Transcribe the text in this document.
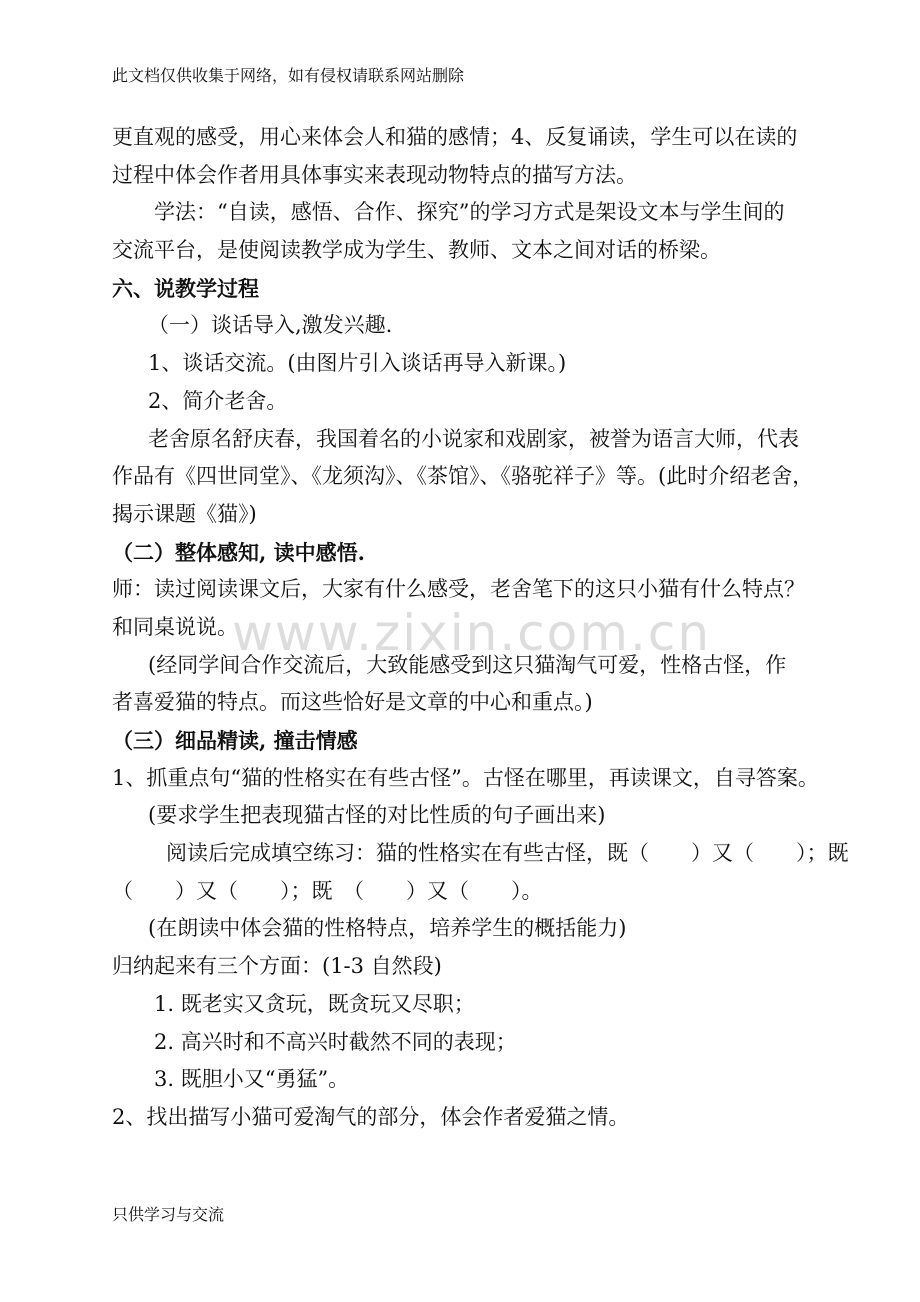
此文档仅供收集于网络，如有侵权请联系网站删除
www.zixin.com.cn
更直观的感受，用心来体会人和猫的感情；4、反复诵读，学生可以在读的
过程中体会作者用具体事实来表现动物特点的描写方法。
学法：“自读，感悟、合作、探究”的学习方式是架设文本与学生间的
交流平台，是使阅读教学成为学生、教师、文本之间对话的桥梁。
六、说教学过程
（一）谈话导入,激发兴趣.
1、谈话交流。(由图片引入谈话再导入新课。)
2、简介老舍。
老舍原名舒庆春，我国着名的小说家和戏剧家，被誉为语言大师，代表
作品有《四世同堂》、《龙须沟》、《茶馆》、《骆驼祥子》等。(此时介绍老舍，
揭示课题《猫》)
（二）整体感知, 读中感悟.
师：读过阅读课文后，大家有什么感受，老舍笔下的这只小猫有什么特点？
和同桌说说。
(经同学间合作交流后，大致能感受到这只猫淘气可爱，性格古怪，作
者喜爱猫的特点。而这些恰好是文章的中心和重点。)
（三）细品精读, 撞击情感
1、抓重点句“猫的性格实在有些古怪”。古怪在哪里，再读课文，自寻答案。
(要求学生把表现猫古怪的对比性质的句子画出来)
阅读后完成填空练习：猫的性格实在有些古怪，既（　　）又（　　）；既
（　　）又（　　）；既　（　　）又（　　）。
(在朗读中体会猫的性格特点，培养学生的概括能力)
归纳起来有三个方面：(1-3 自然段)
1. 既老实又贪玩，既贪玩又尽职；
2. 高兴时和不高兴时截然不同的表现；
3. 既胆小又“勇猛”。
2、找出描写小猫可爱淘气的部分，体会作者爱猫之情。
只供学习与交流
